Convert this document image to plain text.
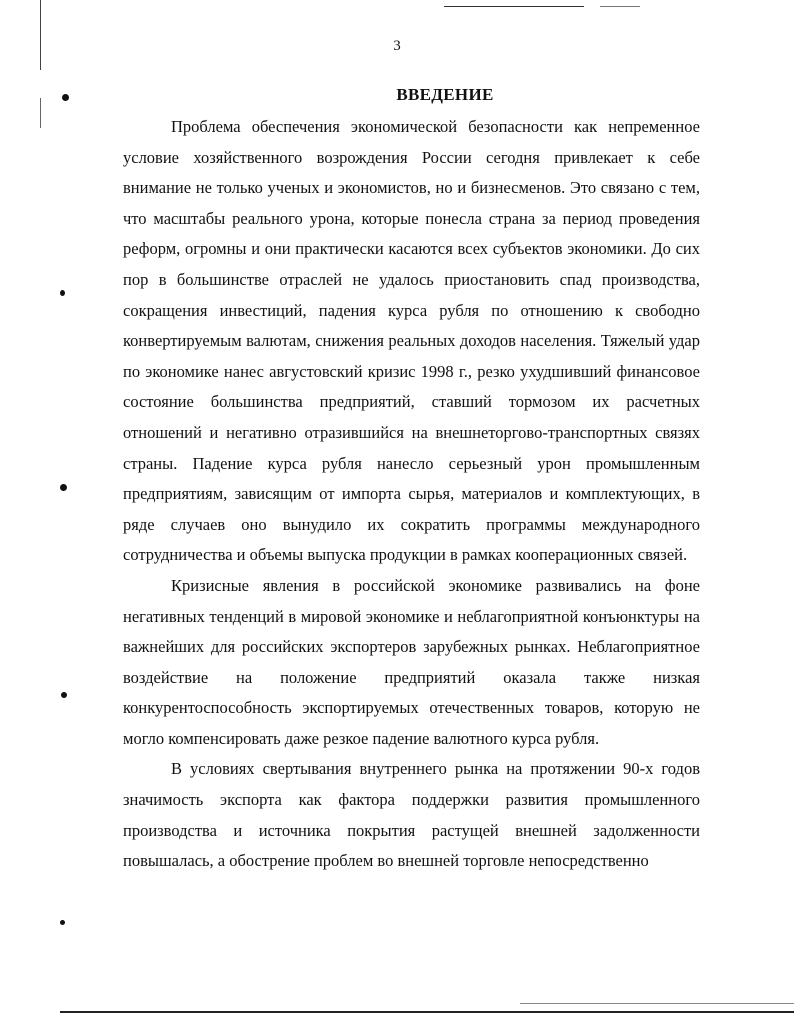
3
ВВЕДЕНИЕ

Проблема обеспечения экономической безопасности как непременное условие хозяйственного возрождения России сегодня привлекает к себе внимание не только ученых и экономистов, но и бизнесменов. Это связано с тем, что масштабы реального урона, которые понесла страна за период проведения реформ, огромны и они практически касаются всех субъектов экономики. До сих пор в большинстве отраслей не удалось приостановить спад производства, сокращения инвестиций, падения курса рубля по отношению к свободно конвертируемым валютам, снижения реальных доходов населения. Тяжелый удар по экономике нанес августовский кризис 1998 г., резко ухудшивший финансовое состояние большинства предприятий, ставший тормозом их расчетных отношений и негативно отразившийся на внешнеторгово-транспортных связях страны. Падение курса рубля нанесло серьезный урон промышленным предприятиям, зависящим от импорта сырья, материалов и комплектующих, в ряде случаев оно вынудило их сократить программы международного сотрудничества и объемы выпуска продукции в рамках кооперационных связей.

Кризисные явления в российской экономике развивались на фоне негативных тенденций в мировой экономике и неблагоприятной конъюнктуры на важнейших для российских экспортеров зарубежных рынках. Неблагоприятное воздействие на положение предприятий оказала также низкая конкурентоспособность экспортируемых отечественных товаров, которую не могло компенсировать даже резкое падение валютного курса рубля.

В условиях свертывания внутреннего рынка на протяжении 90-х годов значимость экспорта как фактора поддержки развития промышленного производства и источника покрытия растущей внешней задолженности повышалась, а обострение проблем во внешней торговле непосредственно
